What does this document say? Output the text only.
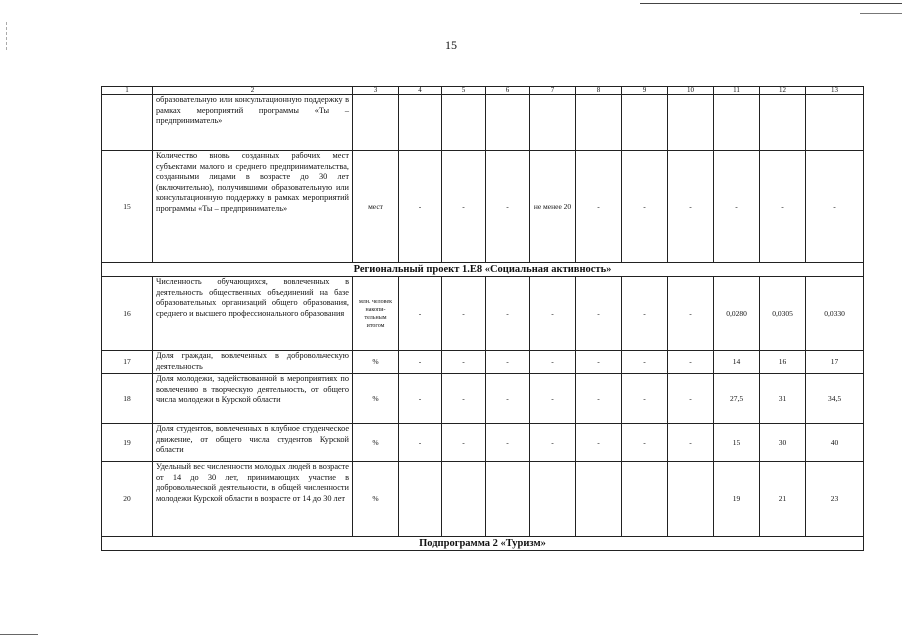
15
1	2	3	4	5	6	7	8	9	10	11	12	13
	образовательную или консультационную поддержку в рамках мероприятий программы «Ты – предприниматель»											
15	Количество вновь созданных рабочих мест субъектами малого и среднего предпринимательства, созданными лицами в возрасте до 30 лет (включительно), получившими образовательную или консультационную поддержку в рамках мероприятий программы «Ты – предприниматель»	мест	-	-	-	не менее 20	-	-	-	-	-	-
Региональный проект 1.Е8 «Социальная активность»												
16	Численность обучающихся, вовлеченных в деятельность общественных объединений на базе образовательных организаций общего образования, среднего и высшего профессионального образования	млн. человек накопи-тельным итогом	-	-	-	-	-	-	-	0,0280	0,0305	0,0330
17	Доля граждан, вовлеченных в добровольческую деятельность	%	-	-	-	-	-	-	-	14	16	17
18	Доля молодежи, задействованной в мероприятиях по вовлечению в творческую деятельность, от общего числа молодежи в Курской области	%	-	-	-	-	-	-	-	27,5	31	34,5
19	Доля студентов, вовлеченных в клубное студенческое движение, от общего числа студентов Курской области	%	-	-	-	-	-	-	-	15	30	40
20	Удельный вес численности молодых людей в возрасте от 14 до 30 лет, принимающих участие в добровольческой деятельности, в общей численности молодежи Курской области в возрасте от 14 до 30 лет	%								19	21	23
Подпрограмма 2 «Туризм»												
